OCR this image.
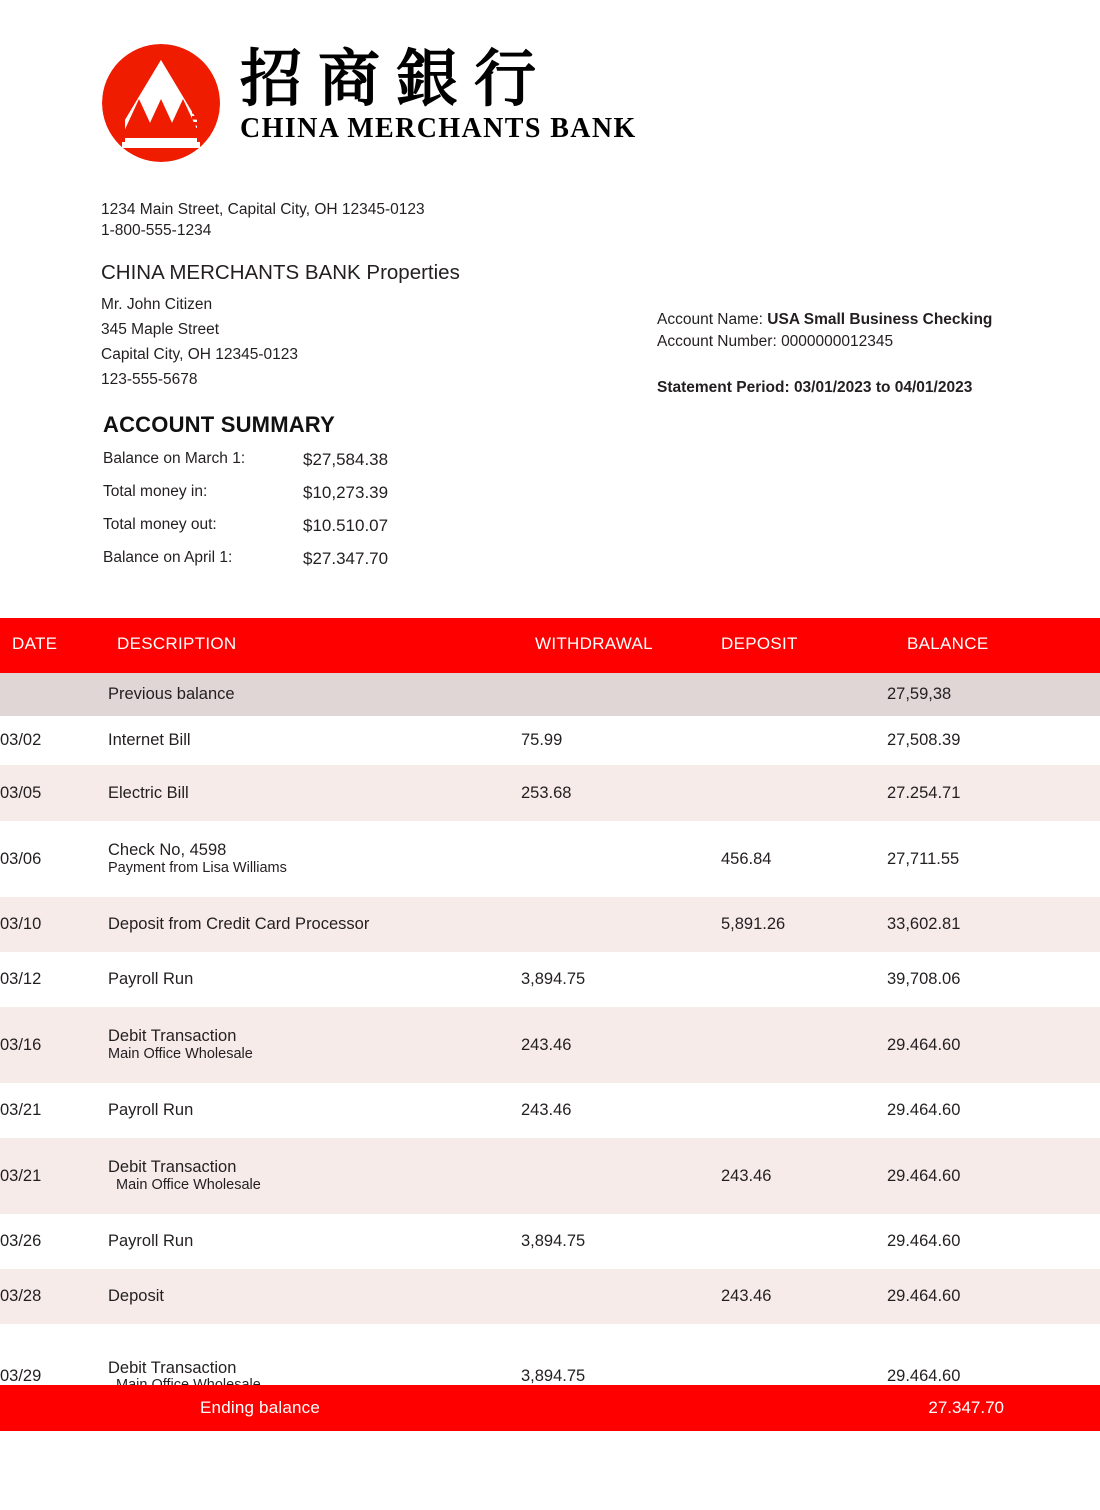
招商銀行
CHINA MERCHANTS BANK
1234 Main Street, Capital City, OH 12345-0123
1-800-555-1234
CHINA MERCHANTS BANK Properties
Mr. John Citizen
345 Maple Street
Capital City, OH 12345-0123
123-555-5678
Account Name: USA Small Business Checking
Account Number: 0000000012345
Statement Period: 03/01/2023 to 04/01/2023
ACCOUNT SUMMARY
Balance on March 1:	$27,584.38
Total money in:	$10,273.39
Total money out:	$10.510.07
Balance on April 1:	$27.347.70
DATE	DESCRIPTION	WITHDRAWAL	DEPOSIT	BALANCE
	Previous balance			27,59,38
03/02	Internet Bill	75.99		27,508.39
03/05	Electric Bill	253.68		27.254.71
03/06	Check No, 4598
Payment from Lisa Williams		456.84	27,711.55
03/10	Deposit from Credit Card Processor		5,891.26	33,602.81
03/12	Payroll Run	3,894.75		39,708.06
03/16	Debit Transaction
Main Office Wholesale	243.46		29.464.60
03/21	Payroll Run	243.46		29.464.60
03/21	Debit Transaction
Main Office Wholesale		243.46	29.464.60
03/26	Payroll Run	3,894.75		29.464.60
03/28	Deposit		243.46	29.464.60
03/29	Debit Transaction	3,894.75		29.464.60
Ending balance	27.347.70
